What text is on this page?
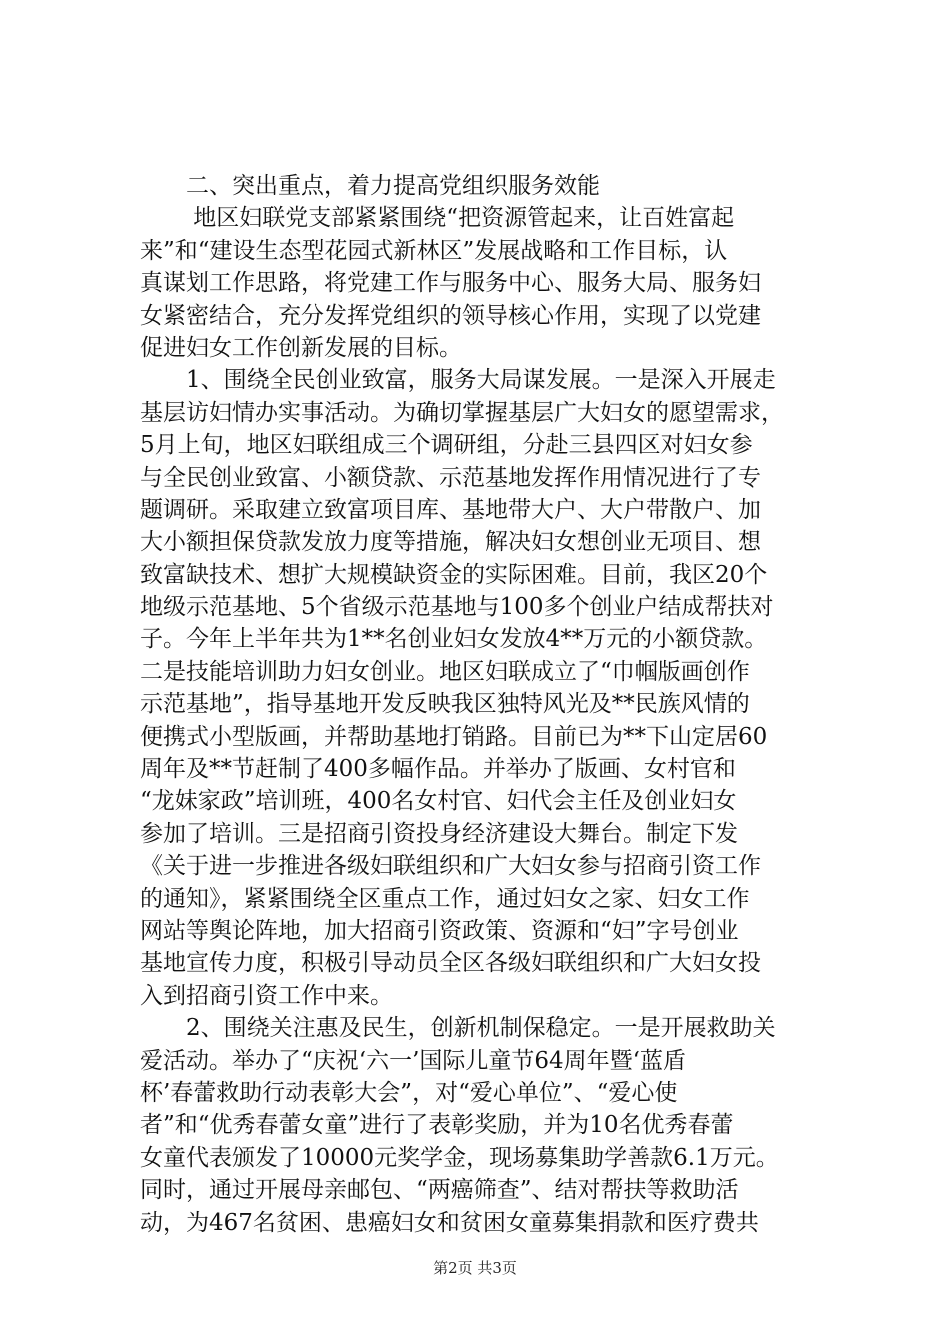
　　二、突出重点，着力提高党组织服务效能
　　 地区妇联党支部紧紧围绕“把资源管起来，让百姓富起
来”和“建设生态型花园式新林区”发展战略和工作目标，认
真谋划工作思路，将党建工作与服务中心、服务大局、服务妇
女紧密结合，充分发挥党组织的领导核心作用，实现了以党建
促进妇女工作创新发展的目标。
　　1、围绕全民创业致富，服务大局谋发展。一是深入开展走
基层访妇情办实事活动。为确切掌握基层广大妇女的愿望需求，
5月上旬，地区妇联组成三个调研组，分赴三县四区对妇女参
与全民创业致富、小额贷款、示范基地发挥作用情况进行了专
题调研。采取建立致富项目库、基地带大户、大户带散户、加
大小额担保贷款发放力度等措施，解决妇女想创业无项目、想
致富缺技术、想扩大规模缺资金的实际困难。目前，我区20个
地级示范基地、5个省级示范基地与100多个创业户结成帮扶对
子。今年上半年共为1**名创业妇女发放4**万元的小额贷款。
二是技能培训助力妇女创业。地区妇联成立了“巾帼版画创作
示范基地”，指导基地开发反映我区独特风光及**民族风情的
便携式小型版画，并帮助基地打销路。目前已为**下山定居60
周年及**节赶制了400多幅作品。并举办了版画、女村官和
“龙妹家政”培训班，400名女村官、妇代会主任及创业妇女
参加了培训。三是招商引资投身经济建设大舞台。制定下发
《关于进一步推进各级妇联组织和广大妇女参与招商引资工作
的通知》，紧紧围绕全区重点工作，通过妇女之家、妇女工作
网站等舆论阵地，加大招商引资政策、资源和“妇”字号创业
基地宣传力度，积极引导动员全区各级妇联组织和广大妇女投
入到招商引资工作中来。
　　2、围绕关注惠及民生，创新机制保稳定。一是开展救助关
爱活动。举办了“庆祝‘六一’国际儿童节64周年暨‘蓝盾
杯’春蕾救助行动表彰大会”，对“爱心单位”、“爱心使
者”和“优秀春蕾女童”进行了表彰奖励，并为10名优秀春蕾
女童代表颁发了10000元奖学金，现场募集助学善款6.1万元。
同时，通过开展母亲邮包、“两癌筛查”、结对帮扶等救助活
动，为467名贫困、患癌妇女和贫困女童募集捐款和医疗费共
第2页 共3页
